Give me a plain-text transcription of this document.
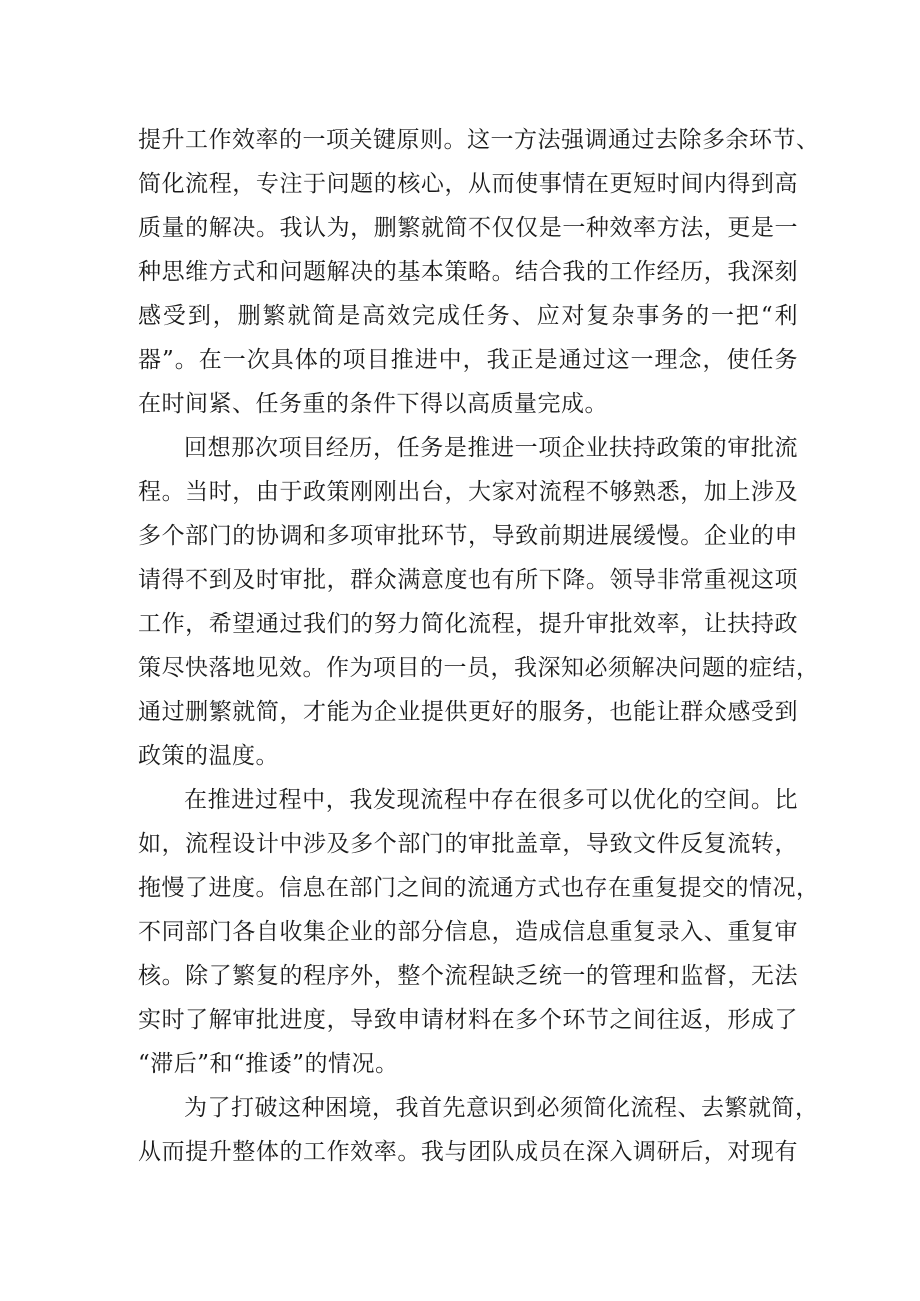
提升工作效率的一项关键原则。这一方法强调通过去除多余环节、
简化流程，专注于问题的核心，从而使事情在更短时间内得到高
质量的解决。我认为，删繁就简不仅仅是一种效率方法，更是一
种思维方式和问题解决的基本策略。结合我的工作经历，我深刻
感受到，删繁就简是高效完成任务、应对复杂事务的一把“利
器”。在一次具体的项目推进中，我正是通过这一理念，使任务
在时间紧、任务重的条件下得以高质量完成。
回想那次项目经历，任务是推进一项企业扶持政策的审批流
程。当时，由于政策刚刚出台，大家对流程不够熟悉，加上涉及
多个部门的协调和多项审批环节，导致前期进展缓慢。企业的申
请得不到及时审批，群众满意度也有所下降。领导非常重视这项
工作，希望通过我们的努力简化流程，提升审批效率，让扶持政
策尽快落地见效。作为项目的一员，我深知必须解决问题的症结，
通过删繁就简，才能为企业提供更好的服务，也能让群众感受到
政策的温度。
在推进过程中，我发现流程中存在很多可以优化的空间。比
如，流程设计中涉及多个部门的审批盖章，导致文件反复流转，
拖慢了进度。信息在部门之间的流通方式也存在重复提交的情况，
不同部门各自收集企业的部分信息，造成信息重复录入、重复审
核。除了繁复的程序外，整个流程缺乏统一的管理和监督，无法
实时了解审批进度，导致申请材料在多个环节之间往返，形成了
“滞后”和“推诿”的情况。
为了打破这种困境，我首先意识到必须简化流程、去繁就简，
从而提升整体的工作效率。我与团队成员在深入调研后，对现有
